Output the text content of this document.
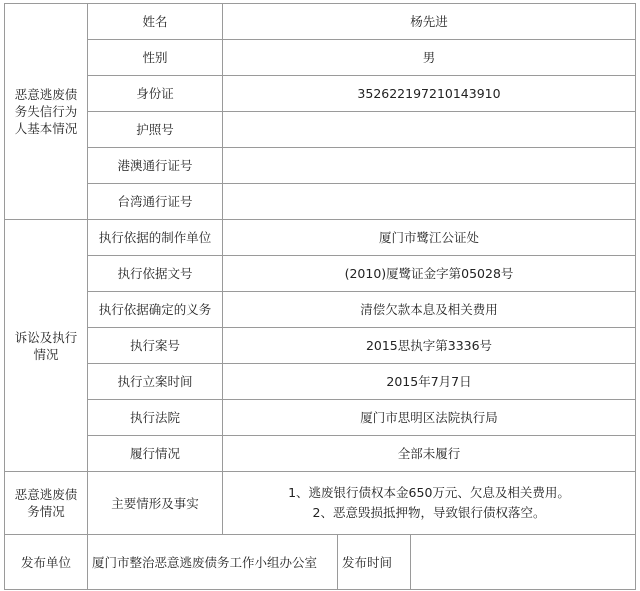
恶意逃废债务失信行为人基本情况	姓名	杨先进		
	性别	男		
	身份证	352622197210143910		
	护照号			
	港澳通行证号			
	台湾通行证号			
诉讼及执行情况	执行依据的制作单位	厦门市鹭江公证处		
	执行依据文号	(2010)厦鹭证金字第05028号		
	执行依据确定的义务	清偿欠款本息及相关费用		
	执行案号	2015思执字第3336号		
	执行立案时间	2015年7月7日		
	执行法院	厦门市思明区法院执行局		
	履行情况	全部未履行		
恶意逃废债务情况	主要情形及事实	1、逃废银行债权本金650万元、欠息及相关费用。
2、恶意毁损抵押物，导致银行债权落空。		

发布单位	厦门市整治恶意逃废债务工作小组办公室		发布时间	
